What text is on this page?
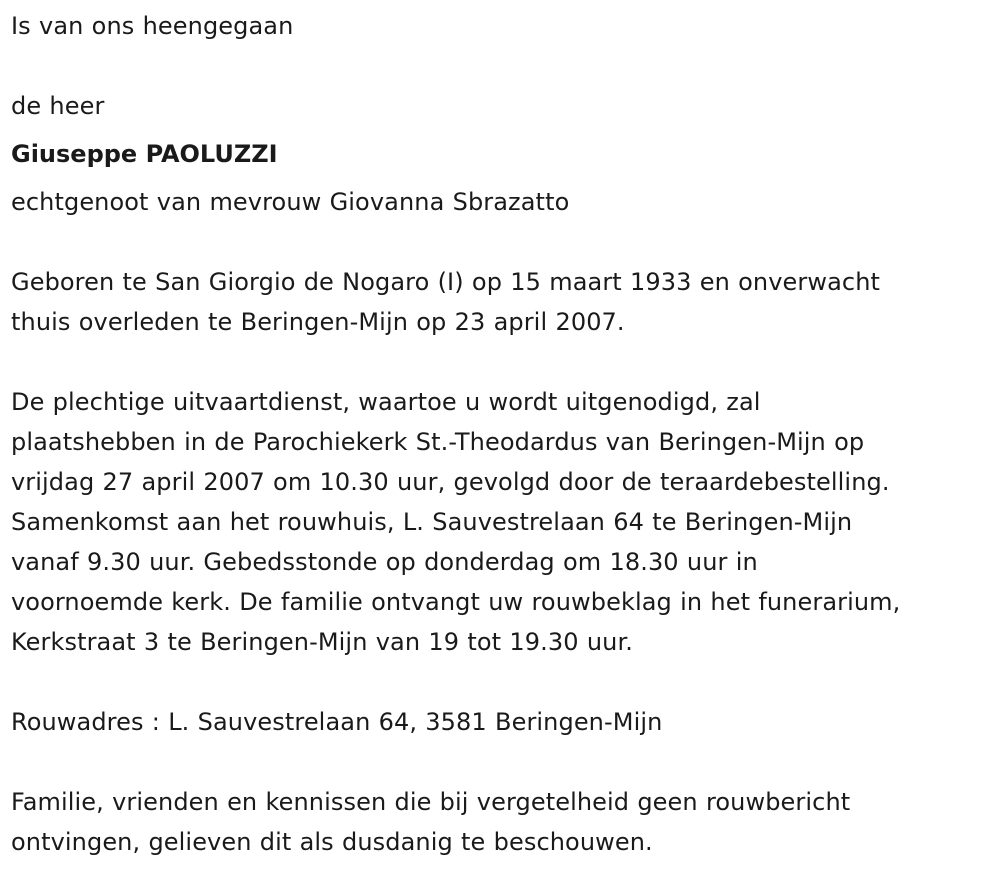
Is van ons heengegaan
de heer
Giuseppe PAOLUZZI
echtgenoot van mevrouw Giovanna Sbrazatto
Geboren te San Giorgio de Nogaro (I) op 15 maart 1933 en onverwacht
thuis overleden te Beringen-Mijn op 23 april 2007.
De plechtige uitvaartdienst, waartoe u wordt uitgenodigd, zal
plaatshebben in de Parochiekerk St.-Theodardus van Beringen-Mijn op
vrijdag 27 april 2007 om 10.30 uur, gevolgd door de teraardebestelling.
Samenkomst aan het rouwhuis, L. Sauvestrelaan 64 te Beringen-Mijn
vanaf 9.30 uur. Gebedsstonde op donderdag om 18.30 uur in
voornoemde kerk. De familie ontvangt uw rouwbeklag in het funerarium,
Kerkstraat 3 te Beringen-Mijn van 19 tot 19.30 uur.
Rouwadres : L. Sauvestrelaan 64, 3581 Beringen-Mijn
Familie, vrienden en kennissen die bij vergetelheid geen rouwbericht
ontvingen, gelieven dit als dusdanig te beschouwen.
